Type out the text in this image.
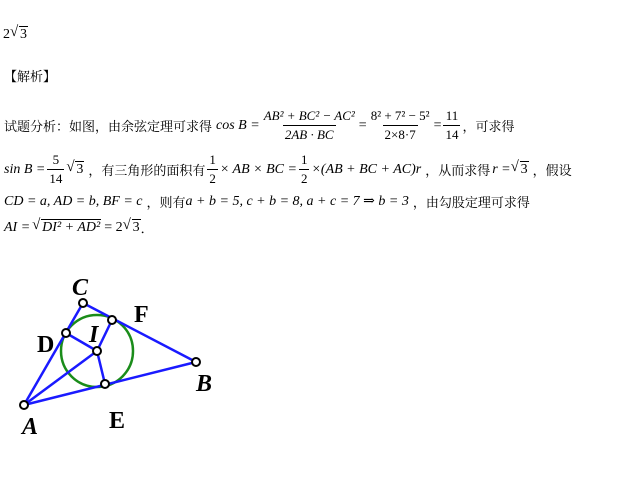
2 √ 3
【解析】
试题分析：如图，由余弦定理可求得 $\cos B = \frac{\text{AB² + BC² − AC²}}{2AB \cdot BC} = \frac{\text{8² + 7² − 5²}}{2\times 8\cdot 7} = \frac{11}{14}$ ，可求得
$\sin B = \frac{5}{14}$ √ 3 ，有三角形的面积有 $\frac{1}{2}$ × AB × BC = $\frac{1}{2} \times(AB$ + BC + AC)r ，从而求得 r = √ 3 ，假设
CD = a, AD = b, BF = c ，则有 a + b = 5, c + b = 8, a + c = 7 ⇒ b = 3 ，由勾股定理可求得
AI = √ DI² + AD² = 2 √ 3 ．
C
F
D I
B
A	E
